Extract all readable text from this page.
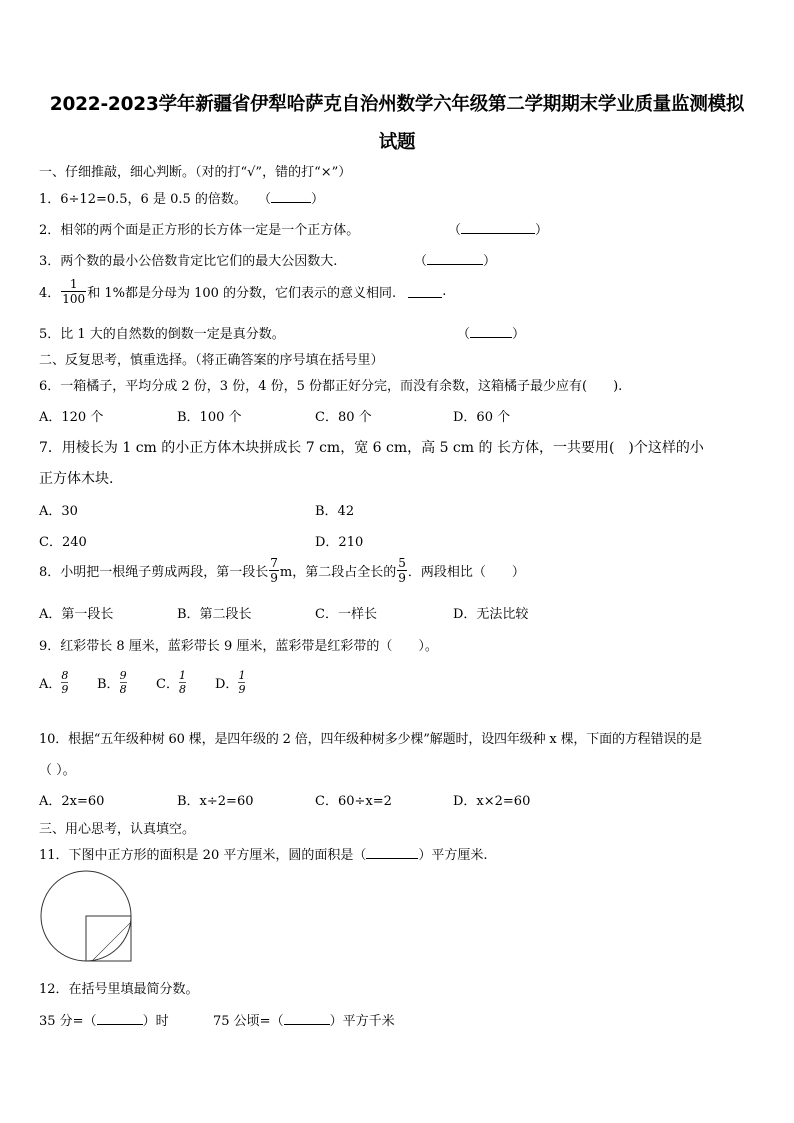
2022-2023学年新疆省伊犁哈萨克自治州数学六年级第二学期期末学业质量监测模拟
试题
一、仔细推敲，细心判断。（对的打“√”，错的打“×”）
1．6÷12=0.5，6 是 0.5 的倍数。 （	）
2．相邻的两个面是正方形的长方体一定是一个正方体。	（	）
3．两个数的最小公倍数肯定比它们的最大公因数大.	（	）
4． $\frac{1}{100}$ 和 1%都是分母为 100 的分数，它们表示的意义相同.	.
5．比 1 大的自然数的倒数一定是真分数。	（	）
二、反复思考，慎重选择。（将正确答案的序号填在括号里）
6．一箱橘子，平均分成 2 份，3 份，4 份，5 份都正好分完，而没有余数，这箱橘子最少应有(　　).
A．120 个	B．100 个	C．80 个	D．60 个
7．用棱长为 1 cm 的小正方体木块拼成长 7 cm，宽 6 cm，高 5 cm 的 长方体，一共要用(　)个这样的小
正方体木块.
A．30	B．42
C．240	D．210
8．小明把一根绳子剪成两段，第一段长 $\frac{7}{9}$ m，第二段占全长的 $\frac{5}{9}$ ．两段相比（　　）
A．第一段长	B．第二段长	C．一样长	D．无法比较
9．红彩带长 8 厘米，蓝彩带长 9 厘米，蓝彩带是红彩带的（　　）。
A． $\frac{8}{9}$ B． $\frac{9}{8}$ C． $\frac{1}{8}$ D． $\frac{1}{9}$
10．根据“五年级种树 60 棵，是四年级的 2 倍，四年级种树多少棵”解题时，设四年级种 x 棵，下面的方程错误的是
（ ）。
A．2x=60	B．x÷2=60	C．60÷x=2	D．x×2=60
三、用心思考，认真填空。
11．下图中正方形的面积是 20 平方厘米，圆的面积是（	）平方厘米.
12．在括号里填最简分数。
35 分=（	）时	75 公顷=（	）平方千米
